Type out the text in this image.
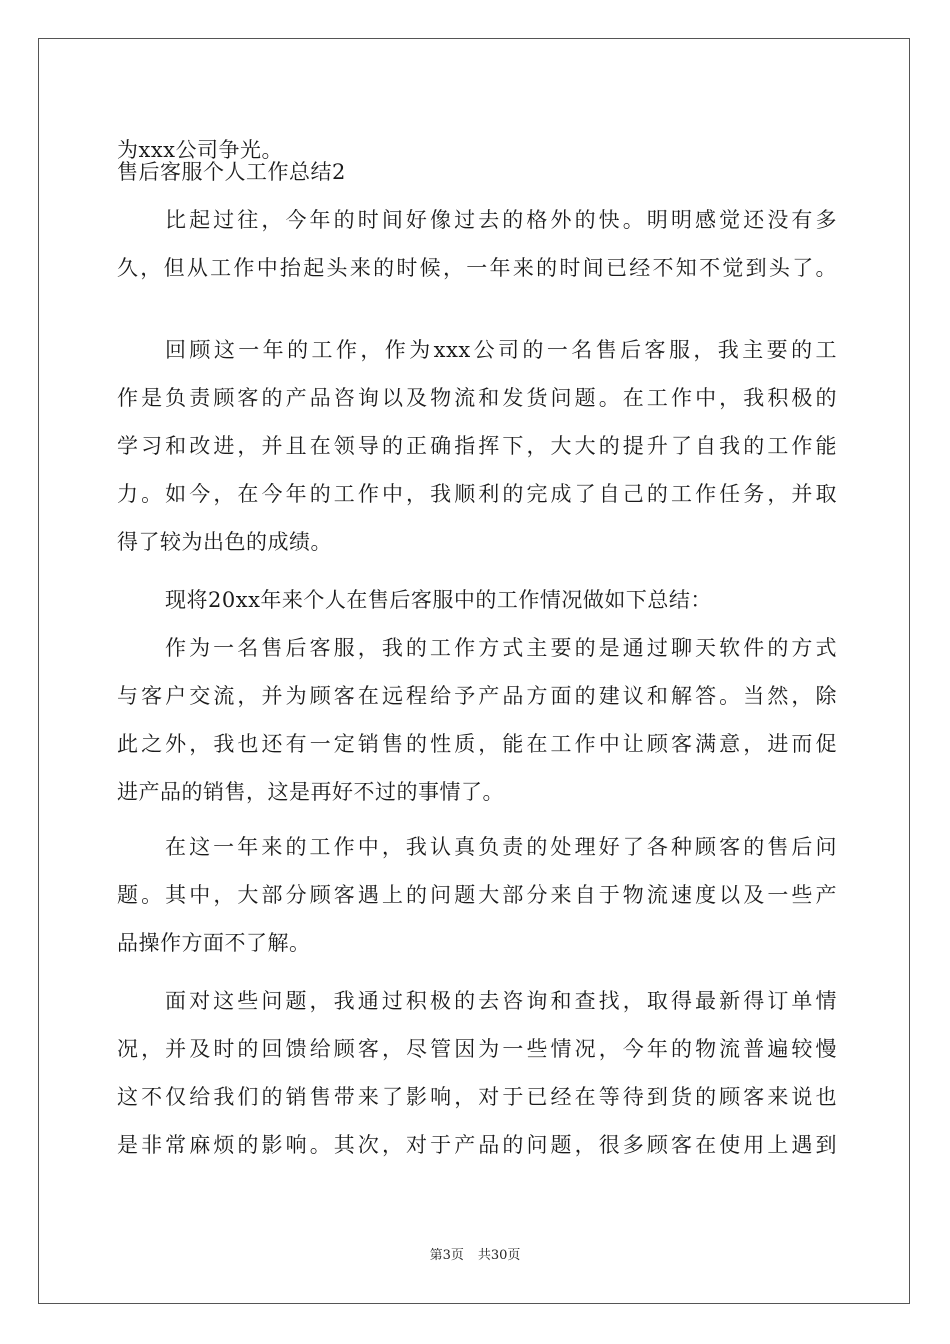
为xxx公司争光。
售后客服个人工作总结2
比起过往，今年的时间好像过去的格外的快。明明感觉还没有多
久，但从工作中抬起头来的时候，一年来的时间已经不知不觉到头了。
回顾这一年的工作，作为xxx公司的一名售后客服，我主要的工
作是负责顾客的产品咨询以及物流和发货问题。在工作中，我积极的
学习和改进，并且在领导的正确指挥下，大大的提升了自我的工作能
力。如今，在今年的工作中，我顺利的完成了自己的工作任务，并取
得了较为出色的成绩。
现将20xx年来个人在售后客服中的工作情况做如下总结：
作为一名售后客服，我的工作方式主要的是通过聊天软件的方式
与客户交流，并为顾客在远程给予产品方面的建议和解答。当然，除
此之外，我也还有一定销售的性质，能在工作中让顾客满意，进而促
进产品的销售，这是再好不过的事情了。
在这一年来的工作中，我认真负责的处理好了各种顾客的售后问
题。其中，大部分顾客遇上的问题大部分来自于物流速度以及一些产
品操作方面不了解。
面对这些问题，我通过积极的去咨询和查找，取得最新得订单情
况，并及时的回馈给顾客，尽管因为一些情况，今年的物流普遍较慢
这不仅给我们的销售带来了影响，对于已经在等待到货的顾客来说也
是非常麻烦的影响。其次，对于产品的问题，很多顾客在使用上遇到
第3页 共30页
